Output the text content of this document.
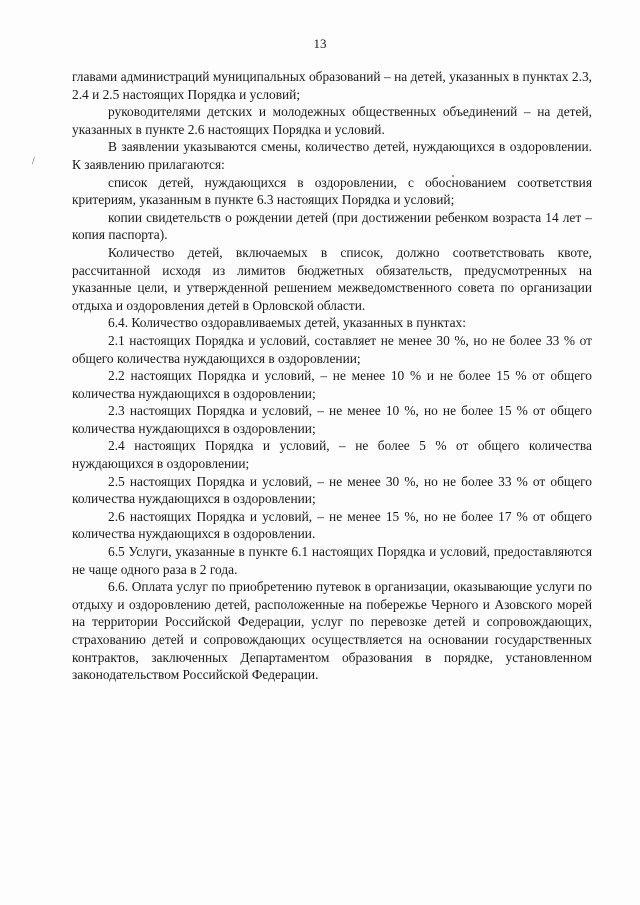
13
/

главами администраций муниципальных образований – на детей, указанных в пунктах 2.3, 2.4 и 2.5 настоящих Порядка и условий;

руководителями детских и молодежных общественных объединений – на детей, указанных в пункте 2.6 настоящих Порядка и условий.

В заявлении указываются смены, количество детей, нуждающихся в оздоровлении. К заявлению прилагаются:

список детей, нуждающихся в оздоровлении, с обоснованием соответствия критериям, указанным в пункте 6.3 настоящих Порядка и условий;

копии свидетельств о рождении детей (при достижении ребенком возраста 14 лет – копия паспорта).

Количество детей, включаемых в список, должно соответствовать квоте, рассчитанной исходя из лимитов бюджетных обязательств, предусмотренных на указанные цели, и утвержденной решением межведомственного совета по организации отдыха и оздоровления детей в Орловской области.

6.4. Количество оздоравливаемых детей, указанных в пунктах:

2.1 настоящих Порядка и условий, составляет не менее 30 %, но не более 33 % от общего количества нуждающихся в оздоровлении;

2.2 настоящих Порядка и условий, – не менее 10 % и не более 15 % от общего количества нуждающихся в оздоровлении;

2.3 настоящих Порядка и условий, – не менее 10 %, но не более 15 % от общего количества нуждающихся в оздоровлении;

2.4 настоящих Порядка и условий, – не более 5 % от общего количества нуждающихся в оздоровлении;

2.5 настоящих Порядка и условий, – не менее 30 %, но не более 33 % от общего количества нуждающихся в оздоровлении;

2.6 настоящих Порядка и условий, – не менее 15 %, но не более 17 % от общего количества нуждающихся в оздоровлении.

6.5 Услуги, указанные в пункте 6.1 настоящих Порядка и условий, предоставляются не чаще одного раза в 2 года.

6.6. Оплата услуг по приобретению путевок в организации, оказывающие услуги по отдыху и оздоровлению детей, расположенные на побережье Черного и Азовского морей на территории Российской Федерации, услуг по перевозке детей и сопровождающих, страхованию детей и сопровождающих осуществляется на основании государственных контрактов, заключенных Департаментом образования в порядке, установленном законодательством Российской Федерации.
